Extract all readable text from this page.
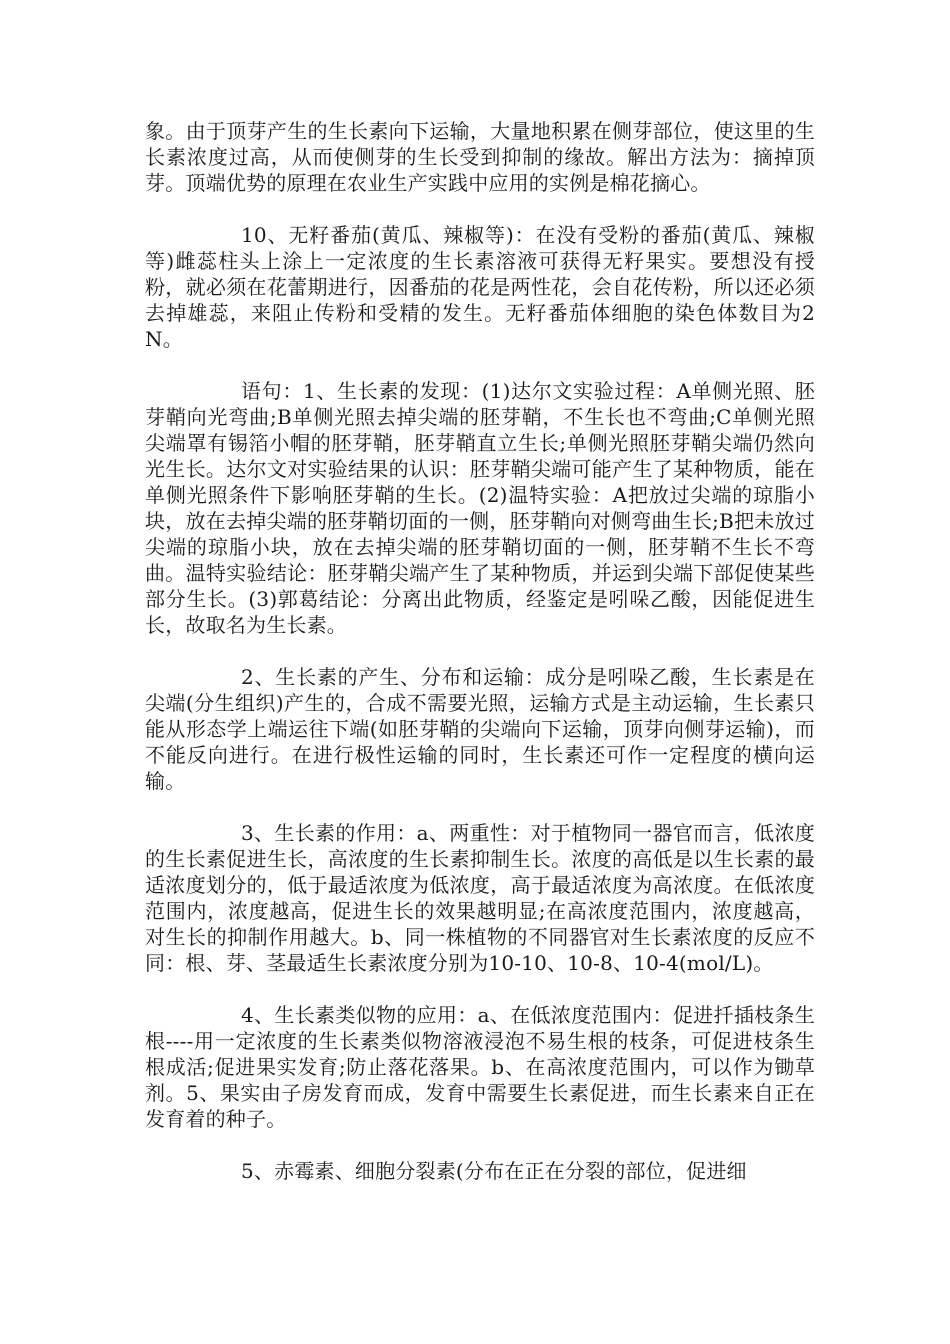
象。由于顶芽产生的生长素向下运输，大量地积累在侧芽部位，使这里的生长素浓度过高，从而使侧芽的生长受到抑制的缘故。解出方法为：摘掉顶芽。顶端优势的原理在农业生产实践中应用的实例是棉花摘心。

10、无籽番茄(黄瓜、辣椒等)：在没有受粉的番茄(黄瓜、辣椒等)雌蕊柱头上涂上一定浓度的生长素溶液可获得无籽果实。要想没有授粉，就必须在花蕾期进行，因番茄的花是两性花，会自花传粉，所以还必须去掉雄蕊，来阻止传粉和受精的发生。无籽番茄体细胞的染色体数目为2N。

语句：1、生长素的发现：(1)达尔文实验过程：A单侧光照、胚芽鞘向光弯曲;B单侧光照去掉尖端的胚芽鞘，不生长也不弯曲;C单侧光照尖端罩有锡箔小帽的胚芽鞘，胚芽鞘直立生长;单侧光照胚芽鞘尖端仍然向光生长。达尔文对实验结果的认识：胚芽鞘尖端可能产生了某种物质，能在单侧光照条件下影响胚芽鞘的生长。(2)温特实验：A把放过尖端的琼脂小块，放在去掉尖端的胚芽鞘切面的一侧，胚芽鞘向对侧弯曲生长;B把未放过尖端的琼脂小块，放在去掉尖端的胚芽鞘切面的一侧，胚芽鞘不生长不弯曲。温特实验结论：胚芽鞘尖端产生了某种物质，并运到尖端下部促使某些部分生长。(3)郭葛结论：分离出此物质，经鉴定是吲哚乙酸，因能促进生长，故取名为生长素。

2、生长素的产生、分布和运输：成分是吲哚乙酸，生长素是在尖端(分生组织)产生的，合成不需要光照，运输方式是主动运输，生长素只能从形态学上端运往下端(如胚芽鞘的尖端向下运输，顶芽向侧芽运输)，而不能反向进行。在进行极性运输的同时，生长素还可作一定程度的横向运输。

3、生长素的作用：a、两重性：对于植物同一器官而言，低浓度的生长素促进生长，高浓度的生长素抑制生长。浓度的高低是以生长素的最适浓度划分的，低于最适浓度为低浓度，高于最适浓度为高浓度。在低浓度范围内，浓度越高，促进生长的效果越明显;在高浓度范围内，浓度越高，对生长的抑制作用越大。b、同一株植物的不同器官对生长素浓度的反应不同：根、芽、茎最适生长素浓度分别为10-10、10-8、10-4(mol/L)。

4、生长素类似物的应用：a、在低浓度范围内：促进扦插枝条生根----用一定浓度的生长素类似物溶液浸泡不易生根的枝条，可促进枝条生根成活;促进果实发育;防止落花落果。b、在高浓度范围内，可以作为锄草剂。5、果实由子房发育而成，发育中需要生长素促进，而生长素来自正在发育着的种子。

5、赤霉素、细胞分裂素(分布在正在分裂的部位，促进细
